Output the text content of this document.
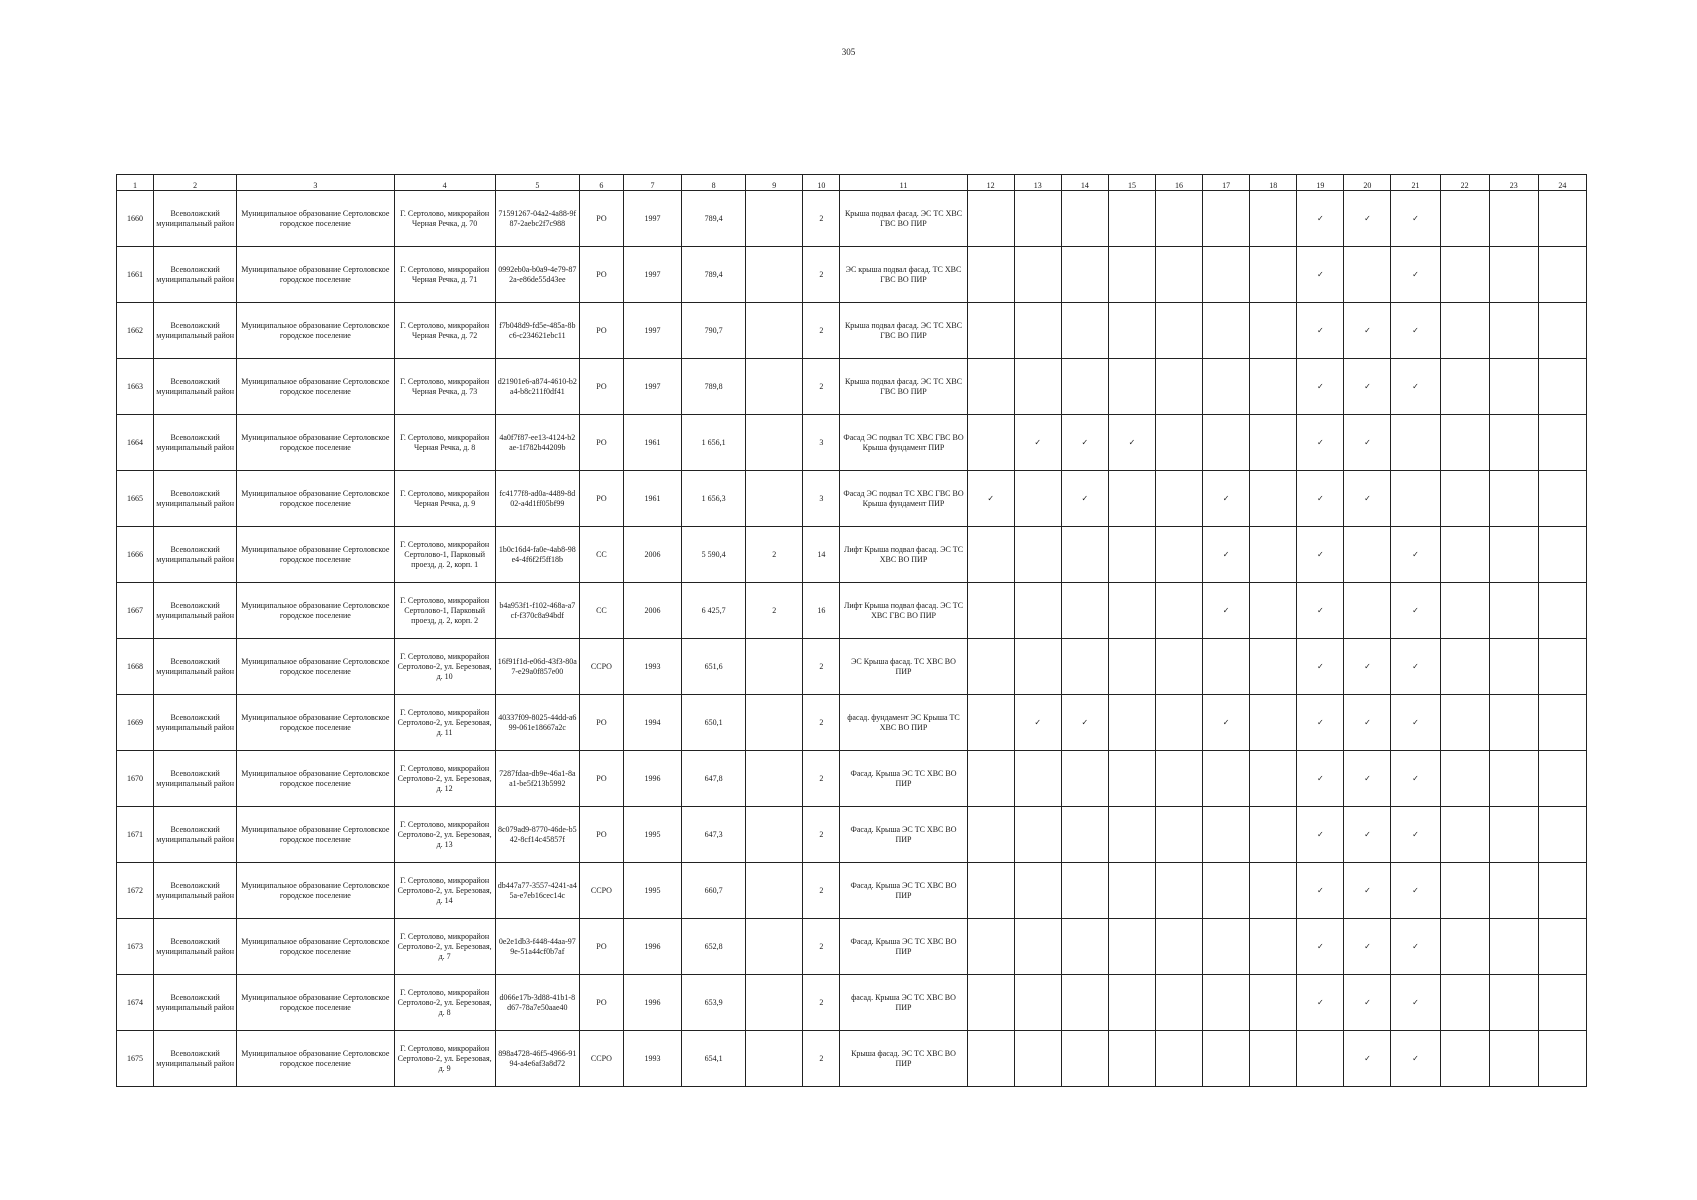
305
1	2	3	4	5	6	7	8	9	10	11	12	13	14	15	16	17	18	19	20	21	22	23	24
1660	Всеволожский муниципальный район	Муниципальное образование Сертоловское городское поселение	Г. Сертолово, микрорайон Черная Речка, д. 70	71591267-04a2-4a88-9f87-2aebc2f7c988	РО	1997	789,4		2	Крыша подвал фасад. ЭС ТС ХВС ГВС ВО ПИР								✓	✓	✓			
1661	Всеволожский муниципальный район	Муниципальное образование Сертоловское городское поселение	Г. Сертолово, микрорайон Черная Речка, д. 71	0992eb0a-b0a9-4e79-872a-e86de55d43ee	РО	1997	789,4		2	ЭС крыша подвал фасад. ТС ХВС ГВС ВО ПИР								✓		✓			
1662	Всеволожский муниципальный район	Муниципальное образование Сертоловское городское поселение	Г. Сертолово, микрорайон Черная Речка, д. 72	f7b048d9-fd5e-485a-8bc6-c234621ebc11	РО	1997	790,7		2	Крыша подвал фасад. ЭС ТС ХВС ГВС ВО ПИР								✓	✓	✓			
1663	Всеволожский муниципальный район	Муниципальное образование Сертоловское городское поселение	Г. Сертолово, микрорайон Черная Речка, д. 73	d21901e6-a874-4610-b2a4-b8c211f0df41	РО	1997	789,8		2	Крыша подвал фасад. ЭС ТС ХВС ГВС ВО ПИР								✓	✓	✓			
1664	Всеволожский муниципальный район	Муниципальное образование Сертоловское городское поселение	Г. Сертолово, микрорайон Черная Речка, д. 8	4a0f7f87-ee13-4124-b2ae-1f782b44209b	РО	1961	1 656,1		3	Фасад ЭС подвал ТС ХВС ГВС ВО Крыша фундамент ПИР		✓	✓	✓				✓	✓				
1665	Всеволожский муниципальный район	Муниципальное образование Сертоловское городское поселение	Г. Сертолово, микрорайон Черная Речка, д. 9	fc4177f8-ad0a-4489-8d02-a4d1ff05bf99	РО	1961	1 656,3		3	Фасад ЭС подвал ТС ХВС ГВС ВО Крыша фундамент ПИР	✓		✓			✓		✓	✓				
1666	Всеволожский муниципальный район	Муниципальное образование Сертоловское городское поселение	Г. Сертолово, микрорайон Сертолово-1, Парковый проезд, д. 2, корп. 1	1b0c16d4-fa0e-4ab8-98e4-4f6f2f5ff18b	СС	2006	5 590,4	2	14	Лифт Крыша подвал фасад. ЭС ТС ХВС ВО ПИР						✓		✓		✓			
1667	Всеволожский муниципальный район	Муниципальное образование Сертоловское городское поселение	Г. Сертолово, микрорайон Сертолово-1, Парковый проезд, д. 2, корп. 2	b4a953f1-f102-468a-a7cf-f370c8a94bdf	СС	2006	6 425,7	2	16	Лифт Крыша подвал фасад. ЭС ТС ХВС ГВС ВО ПИР						✓		✓		✓			
1668	Всеволожский муниципальный район	Муниципальное образование Сертоловское городское поселение	Г. Сертолово, микрорайон Сертолово-2, ул. Березовая, д. 10	16f91f1d-e06d-43f3-80a7-e29a0f857e00	ССРО	1993	651,6		2	ЭС Крыша фасад. ТС ХВС ВО ПИР								✓	✓	✓			
1669	Всеволожский муниципальный район	Муниципальное образование Сертоловское городское поселение	Г. Сертолово, микрорайон Сертолово-2, ул. Березовая, д. 11	40337f09-8025-44dd-a699-061e18667a2c	РО	1994	650,1		2	фасад. фундамент ЭС Крыша ТС ХВС ВО ПИР		✓	✓			✓		✓	✓	✓			
1670	Всеволожский муниципальный район	Муниципальное образование Сертоловское городское поселение	Г. Сертолово, микрорайон Сертолово-2, ул. Березовая, д. 12	7287fdaa-db9e-46a1-8aa1-be5f213b5992	РО	1996	647,8		2	Фасад. Крыша ЭС ТС ХВС ВО ПИР								✓	✓	✓			
1671	Всеволожский муниципальный район	Муниципальное образование Сертоловское городское поселение	Г. Сертолово, микрорайон Сертолово-2, ул. Березовая, д. 13	8c079ad9-8770-46de-b542-8cf14c45857f	РО	1995	647,3		2	Фасад. Крыша ЭС ТС ХВС ВО ПИР								✓	✓	✓			
1672	Всеволожский муниципальный район	Муниципальное образование Сертоловское городское поселение	Г. Сертолово, микрорайон Сертолово-2, ул. Березовая, д. 14	db447a77-3557-4241-a45a-e7eb16cec14c	ССРО	1995	660,7		2	Фасад. Крыша ЭС ТС ХВС ВО ПИР								✓	✓	✓			
1673	Всеволожский муниципальный район	Муниципальное образование Сертоловское городское поселение	Г. Сертолово, микрорайон Сертолово-2, ул. Березовая, д. 7	0e2e1db3-f448-44aa-979e-51a44cf0b7af	РО	1996	652,8		2	Фасад. Крыша ЭС ТС ХВС ВО ПИР								✓	✓	✓			
1674	Всеволожский муниципальный район	Муниципальное образование Сертоловское городское поселение	Г. Сертолово, микрорайон Сертолово-2, ул. Березовая, д. 8	d066e17b-3d88-41b1-8d67-78a7e50aae40	РО	1996	653,9		2	фасад. Крыша ЭС ТС ХВС ВО ПИР								✓	✓	✓			
1675	Всеволожский муниципальный район	Муниципальное образование Сертоловское городское поселение	Г. Сертолово, микрорайон Сертолово-2, ул. Березовая, д. 9	898a4728-46f5-4966-9194-a4e6af3a8d72	ССРО	1993	654,1		2	Крыша фасад. ЭС ТС ХВС ВО ПИР									✓	✓			
